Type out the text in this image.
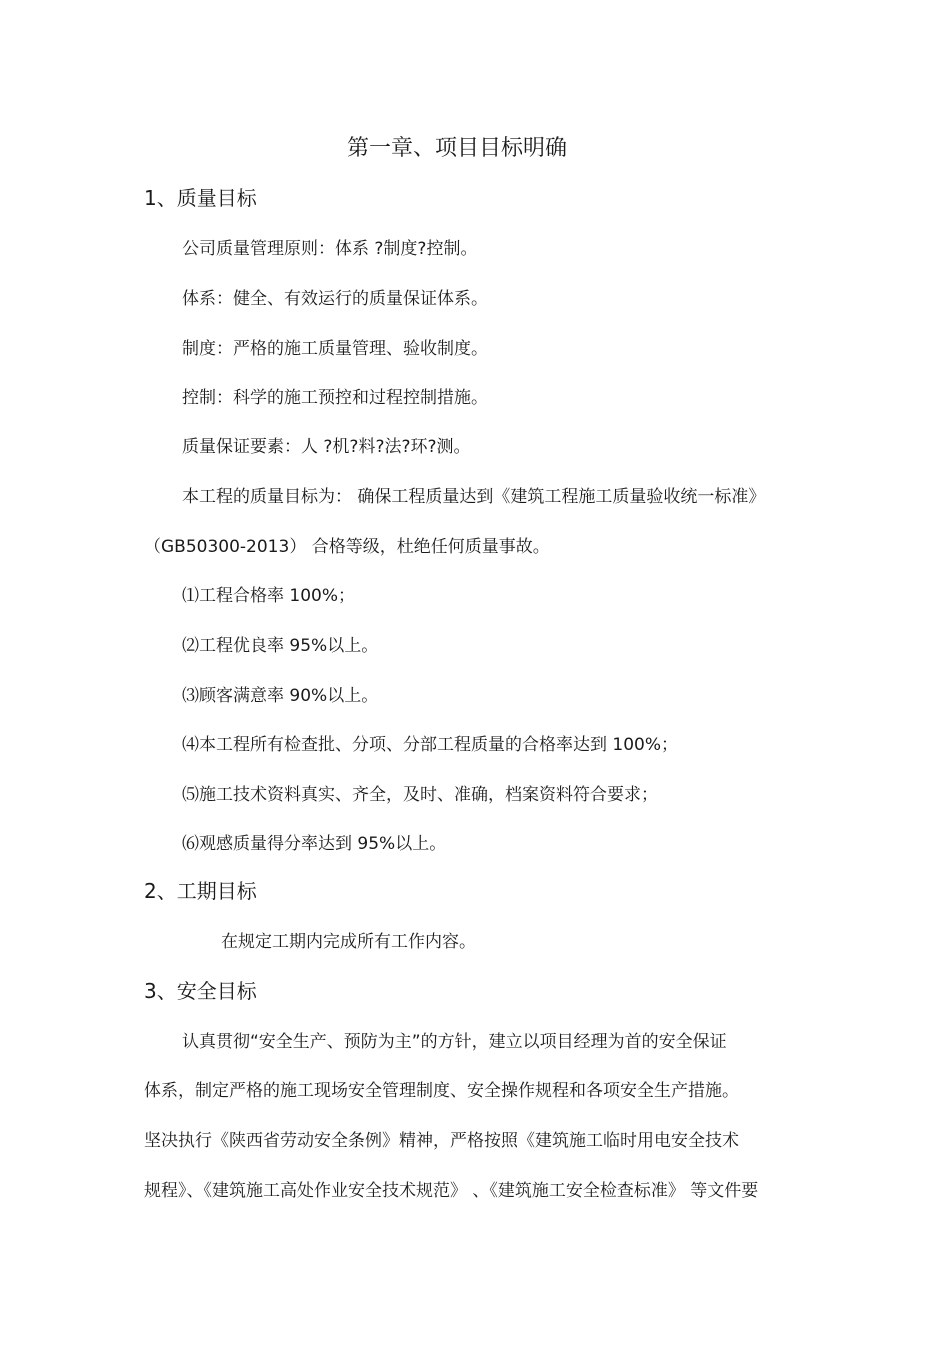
第一章、项目目标明确
1、质量目标
公司质量管理原则：体系 ?制度?控制。
体系：健全、有效运行的质量保证体系。
制度：严格的施工质量管理、验收制度。
控制：科学的施工预控和过程控制措施。
质量保证要素：人 ?机?料?法?环?测。
本工程的质量目标为： 确保工程质量达到《建筑工程施工质量验收统一标准》
（GB50300-2013） 合格等级，杜绝任何质量事故。
⑴工程合格率 100%；
⑵工程优良率 95%以上。
⑶顾客满意率 90%以上。
⑷本工程所有检查批、分项、分部工程质量的合格率达到 100%；
⑸施工技术资料真实、齐全，及时、准确，档案资料符合要求；
⑹观感质量得分率达到 95%以上。
2、工期目标
在规定工期内完成所有工作内容。
3、安全目标
认真贯彻“安全生产、预防为主”的方针，建立以项目经理为首的安全保证
体系，制定严格的施工现场安全管理制度、安全操作规程和各项安全生产措施。
坚决执行《陕西省劳动安全条例》精神，严格按照《建筑施工临时用电安全技术
规程》、《建筑施工高处作业安全技术规范》 、《建筑施工安全检查标准》 等文件要
